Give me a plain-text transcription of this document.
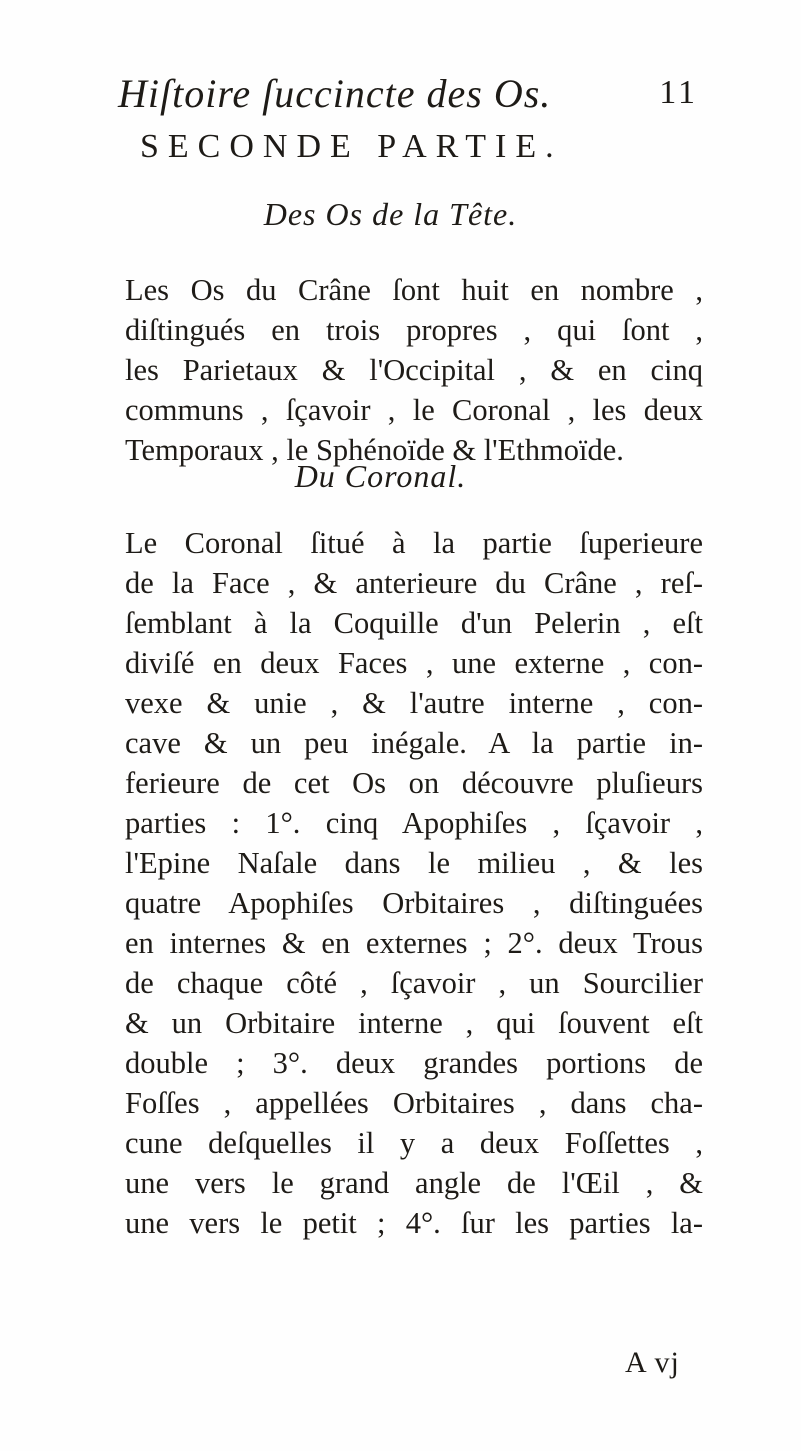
Hiſtoire ſuccincte des Os.	11
SECONDE PARTIE.
Des Os de la Tête.
Les Os du Crâne ſont huit en nombre ,
diſtingués en trois propres , qui ſont ,
les Parietaux & l'Occipital , & en cinq
communs , ſçavoir , le Coronal , les deux
Temporaux , le Sphénoïde & l'Ethmoïde.
Du Coronal.
Le Coronal ſitué à la partie ſuperieure
de la Face , & anterieure du Crâne , reſ-
ſemblant à la Coquille d'un Pelerin , eſt
diviſé en deux Faces , une externe , con-
vexe & unie , & l'autre interne , con-
cave & un peu inégale. A la partie in-
ferieure de cet Os on découvre pluſieurs
parties : 1°. cinq Apophiſes , ſçavoir ,
l'Epine Naſale dans le milieu , & les
quatre Apophiſes Orbitaires , diſtinguées
en internes & en externes ; 2°. deux Trous
de chaque côté , ſçavoir , un Sourcilier
& un Orbitaire interne , qui ſouvent eſt
double ; 3°. deux grandes portions de
Foſſes , appellées Orbitaires , dans cha-
cune deſquelles il y a deux Foſſettes ,
une vers le grand angle de l'Œil , &
une vers le petit ; 4°. ſur les parties la-
A vj
